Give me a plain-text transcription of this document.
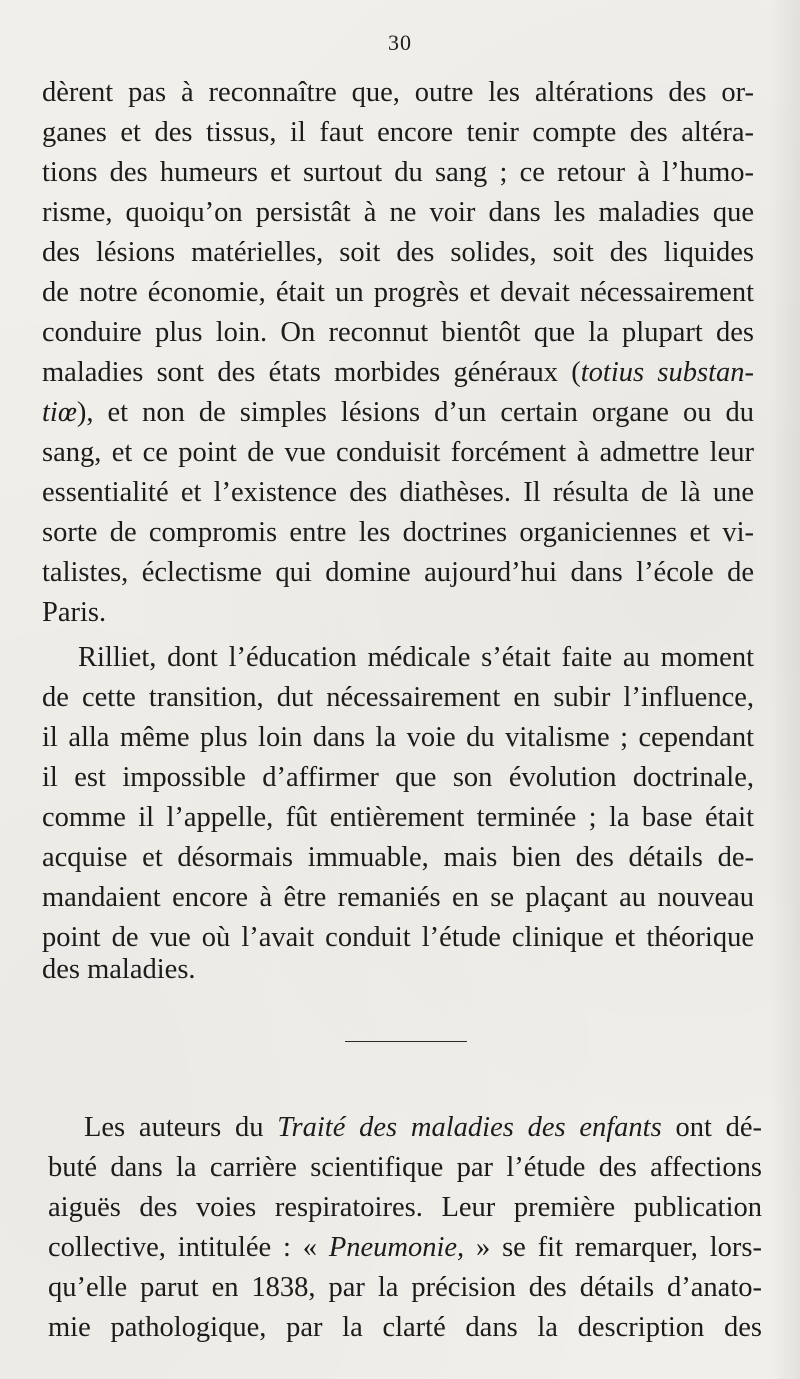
30
dèrent pas à reconnaître que, outre les altérations des or-
ganes et des tissus, il faut encore tenir compte des altéra-
tions des humeurs et surtout du sang ; ce retour à l’humo-
risme, quoiqu’on persistât à ne voir dans les maladies que
des lésions matérielles, soit des solides, soit des liquides
de notre économie, était un progrès et devait nécessairement
conduire plus loin. On reconnut bientôt que la plupart des
maladies sont des états morbides généraux (totius substan-
tiœ), et non de simples lésions d’un certain organe ou du
sang, et ce point de vue conduisit forcément à admettre leur
essentialité et l’existence des diathèses. Il résulta de là une
sorte de compromis entre les doctrines organiciennes et vi-
talistes, éclectisme qui domine aujourd’hui dans l’école de
Paris.
Rilliet, dont l’éducation médicale s’était faite au moment
de cette transition, dut nécessairement en subir l’influence,
il alla même plus loin dans la voie du vitalisme ; cependant
il est impossible d’affirmer que son évolution doctrinale,
comme il l’appelle, fût entièrement terminée ; la base était
acquise et désormais immuable, mais bien des détails de-
mandaient encore à être remaniés en se plaçant au nouveau
point de vue où l’avait conduit l’étude clinique et théorique
des maladies.
Les auteurs du Traité des maladies des enfants ont dé-
buté dans la carrière scientifique par l’étude des affections
aiguës des voies respiratoires. Leur première publication
collective, intitulée : « Pneumonie, » se fit remarquer, lors-
qu’elle parut en 1838, par la précision des détails d’anato-
mie pathologique, par la clarté dans la description des
